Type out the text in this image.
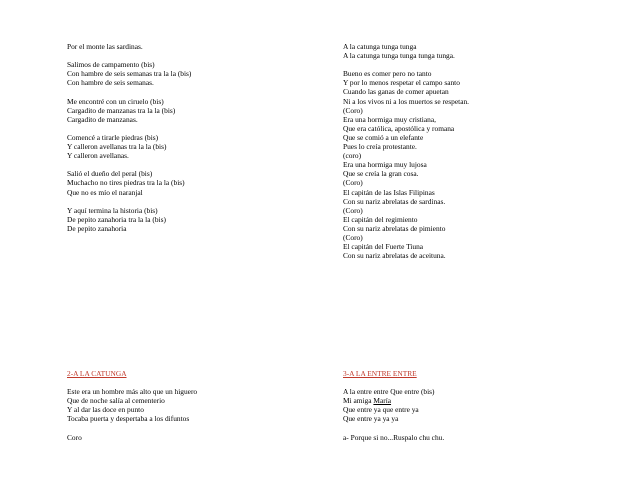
Por el monte las sardinas.
Salimos de campamento (bis)
Con hambre de seis semanas tra la la (bis)
Con hambre de seis semanas.
Me encontré con un ciruelo (bis)
Cargadito de manzanas tra la la (bis)
Cargadito de manzanas.
Comencé a tirarle piedras (bis)
Y calleron avellanas tra la la (bis)
Y calleron avellanas.
Salió el dueño del peral (bis)
Muchacho no tires piedras tra la la (bis)
Que no es mío el naranjal
Y aquí termina la historia (bis)
De pepito zanahoria tra la la (bis)
De pepito zanahoria
A la catunga tunga tunga
A la catunga tunga tunga tunga tunga.
Bueno es comer pero no tanto
Y por lo menos respetar el campo santo
Cuando las ganas de comer apuetan
Ni a los vivos ni a los muertos se respetan.
(Coro)
Era una hormiga muy cristiana,
Que era católica, apostólica y romana
Que se comió a un elefante
Pues lo creía protestante.
(coro)
Era una hormiga muy lujosa
Que se creía la gran cosa.
(Coro)
El capitán de las Islas Filipinas
Con su nariz abrelatas de sardinas.
(Coro)
El capitán del regimiento
Con su nariz abrelatas de pimiento
(Coro)
El capitán del Fuerte Tiuna
Con su nariz abrelatas de aceituna.
2-A LA CATUNGA
Este era un hombre más alto que un higuero
Que de noche salía al cementerio
Y al dar las doce en punto
Tocaba puerta y despertaba a los difuntos
Coro
3-A LA ENTRE ENTRE
A la entre entre Que entre (bis)
Mi amiga María
Que entre ya que entre ya
Que entre ya ya ya
a- Porque si no...Ruspalo chu chu.
